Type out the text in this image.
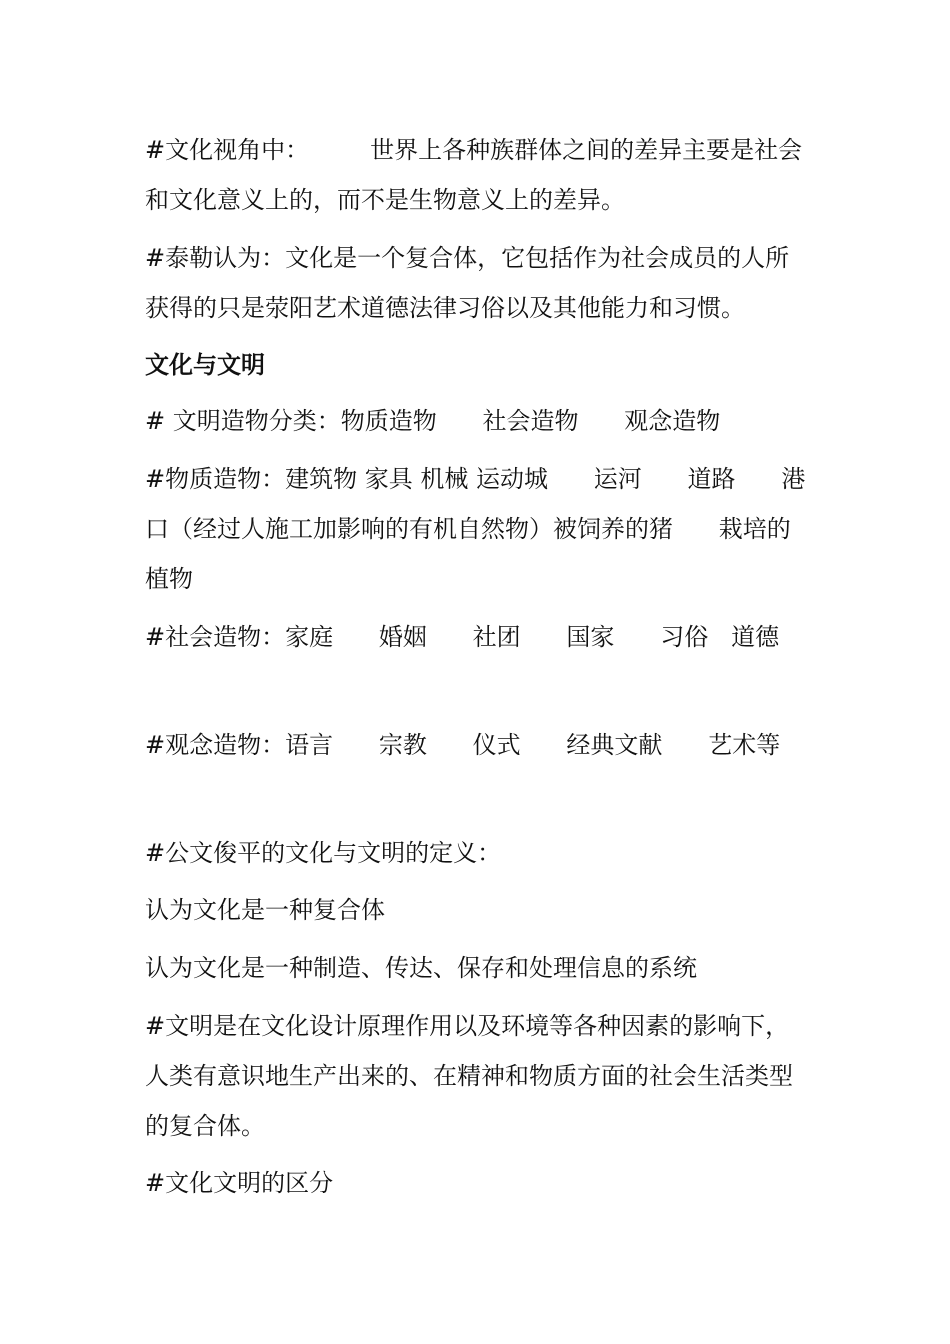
#文化视角中：        世界上各种族群体之间的差异主要是社会和文化意义上的，而不是生物意义上的差异。

#泰勒认为：文化是一个复合体，它包括作为社会成员的人所获得的只是荥阳艺术道德法律习俗以及其他能力和习惯。

文化与文明

# 文明造物分类：物质造物      社会造物      观念造物

#物质造物：建筑物 家具 机械 运动城      运河      道路      港口（经过人施工加影响的有机自然物）被饲养的猪      栽培的植物

#社会造物：家庭      婚姻      社团      国家      习俗   道德

#观念造物：语言      宗教      仪式      经典文献      艺术等

#公文俊平的文化与文明的定义：

认为文化是一种复合体

认为文化是一种制造、传达、保存和处理信息的系统

#文明是在文化设计原理作用以及环境等各种因素的影响下，人类有意识地生产出来的、在精神和物质方面的社会生活类型的复合体。

#文化文明的区分
